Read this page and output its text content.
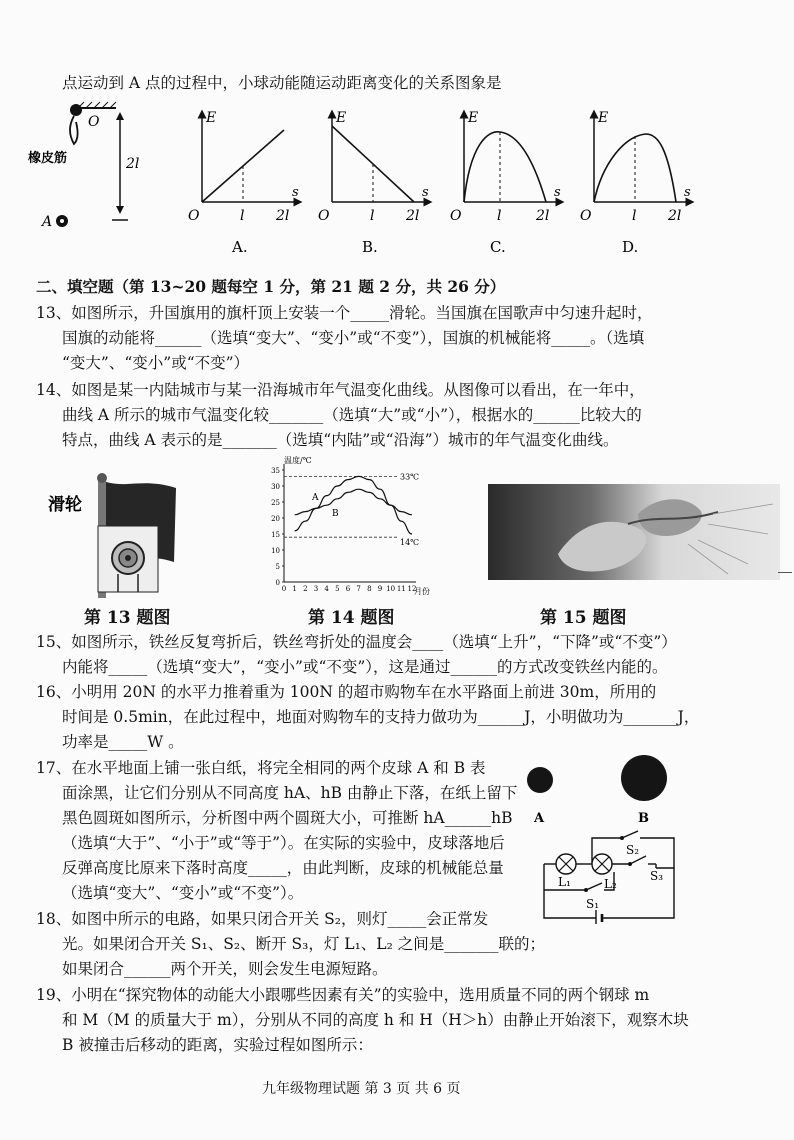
点运动到 A 点的过程中，小球动能随运动距离变化的关系图象是
O
橡皮筋	2l
A
E
s
O	l 2l
A.
E
s
O	l 2l
B.
E
s
O	l 2l
C.
E
s
O	l 2l
D.
二、填空题（第 13~20 题每空 1 分，第 21 题 2 分，共 26 分）
13、如图所示，升国旗用的旗杆顶上安装一个_____滑轮。当国旗在国歌声中匀速升起时，
国旗的动能将______（选填“变大”、“变小”或“不变”），国旗的机械能将_____。（选填
“变大”、“变小”或“不变”）
14、如图是某一内陆城市与某一沿海城市年气温变化曲线。从图像可以看出，在一年中，
曲线 A 所示的城市气温变化较_______（选填“大”或“小”），根据水的______比较大的
特点，曲线 A 表示的是_______（选填“内陆”或“沿海”）城市的年气温变化曲线。
滑轮
温度/℃
月份
0
5
10
15
20
25
30
35
0 1 2 3 4 5 6 7 8 9 10 11 12
33℃
14℃
A
B
第 13 题图	第 14 题图	第 15 题图
15、如图所示，铁丝反复弯折后，铁丝弯折处的温度会____（选填“上升”，“下降”或“不变”）
内能将_____（选填“变大”，“变小”或“不变”），这是通过______的方式改变铁丝内能的。
16、小明用 20N 的水平力推着重为 100N 的超市购物车在水平路面上前进 30m，所用的
时间是 0.5min，在此过程中，地面对购物车的支持力做功为______J，小明做功为_______J，
功率是_____W 。
17、在水平地面上铺一张白纸，将完全相同的两个皮球 A 和 B 表
面涂黑，让它们分别从不同高度 hA、hB 由静止下落，在纸上留下
黑色圆斑如图所示，分析图中两个圆斑大小，可推断 hA______hB
（选填“大于”、“小于”或“等于”）。在实际的实验中，皮球落地后
反弹高度比原来下落时高度_____，由此判断，皮球的机械能总量
（选填“变大”、“变小”或“不变”）。
A	B
L₁	L₂
S₁
S₂
S₃
18、如图中所示的电路，如果只闭合开关 S₂，则灯_____会正常发
光。如果闭合开关 S₁、S₂、断开 S₃，灯 L₁、L₂ 之间是_______联的；
如果闭合______两个开关，则会发生电源短路。
19、小明在“探究物体的动能大小跟哪些因素有关”的实验中，选用质量不同的两个钢球 m
和 M（M 的质量大于 m），分别从不同的高度 h 和 H（H＞h）由静止开始滚下，观察木块
B 被撞击后移动的距离，实验过程如图所示：
九年级物理试题 第 3 页 共 6 页
